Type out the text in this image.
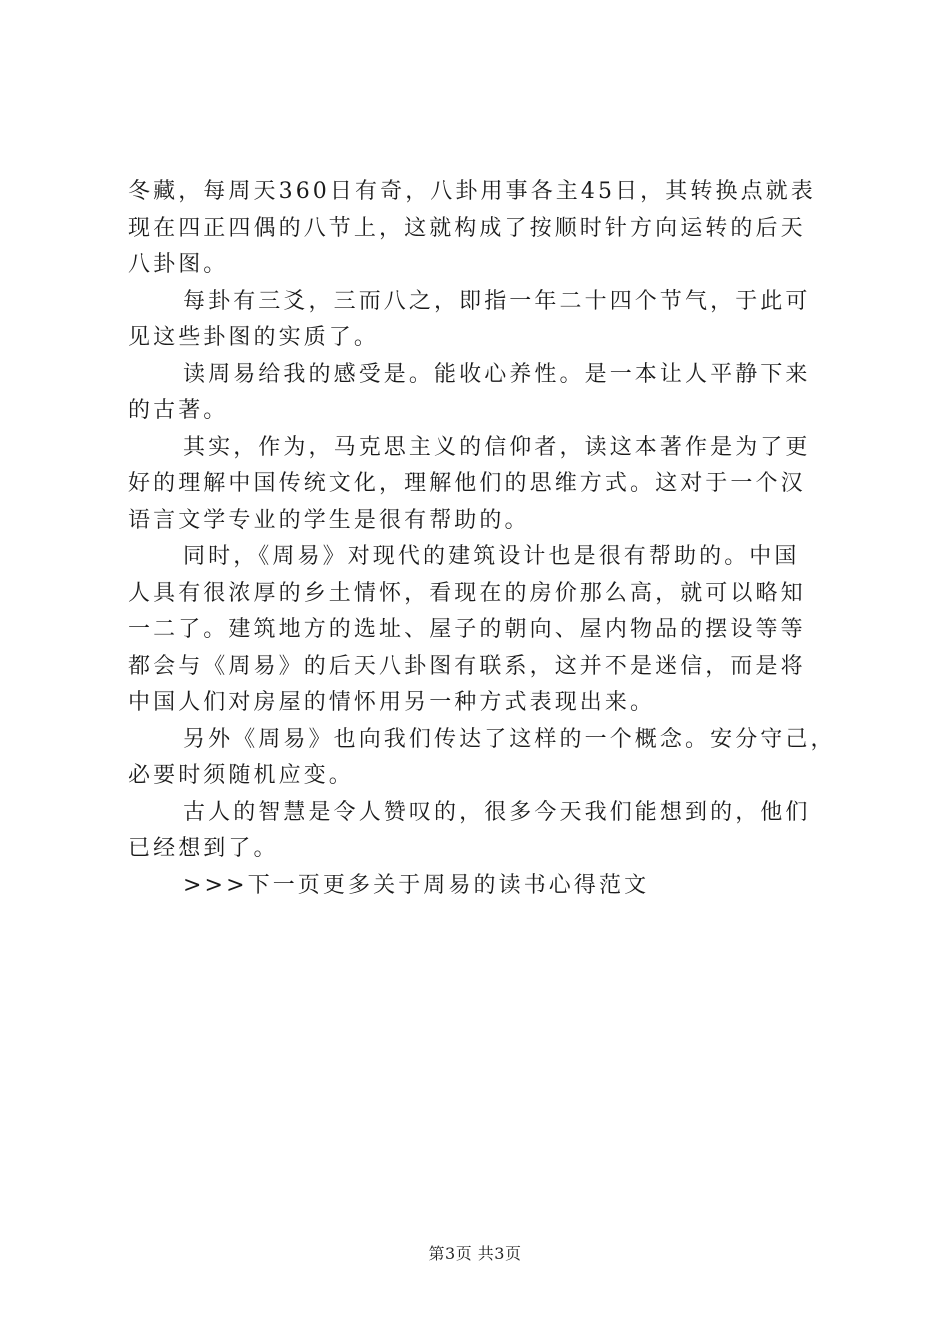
冬藏，每周天360日有奇，八卦用事各主45日，其转换点就表
现在四正四偶的八节上，这就构成了按顺时针方向运转的后天
八卦图。
每卦有三爻，三而八之，即指一年二十四个节气，于此可
见这些卦图的实质了。
读周易给我的感受是。能收心养性。是一本让人平静下来
的古著。
其实，作为，马克思主义的信仰者，读这本著作是为了更
好的理解中国传统文化，理解他们的思维方式。这对于一个汉
语言文学专业的学生是很有帮助的。
同时，《周易》对现代的建筑设计也是很有帮助的。中国
人具有很浓厚的乡土情怀，看现在的房价那么高，就可以略知
一二了。建筑地方的选址、屋子的朝向、屋内物品的摆设等等
都会与《周易》的后天八卦图有联系，这并不是迷信，而是将
中国人们对房屋的情怀用另一种方式表现出来。
另外《周易》也向我们传达了这样的一个概念。安分守己，
必要时须随机应变。
古人的智慧是令人赞叹的，很多今天我们能想到的，他们
已经想到了。
>>>下一页更多关于周易的读书心得范文
第3页 共3页
